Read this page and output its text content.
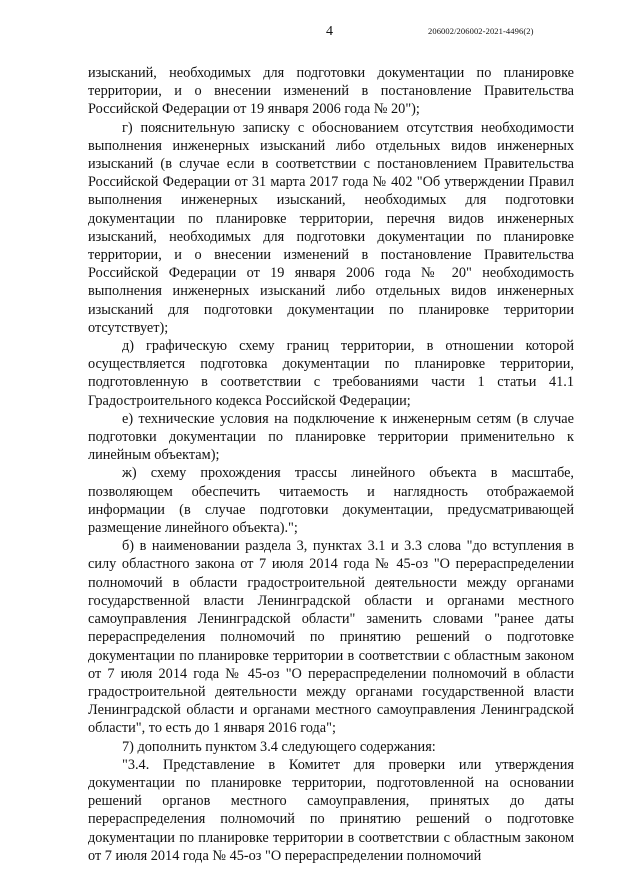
4	206002/206002-2021-4496(2)

изысканий, необходимых для подготовки документации по планировке территории, и о внесении изменений в постановление Правительства Российской Федерации от 19 января 2006 года № 20");

г) пояснительную записку с обоснованием отсутствия необходимости выполнения инженерных изысканий либо отдельных видов инженерных изысканий (в случае если в соответствии с постановлением Правительства Российской Федерации от 31 марта 2017 года № 402 "Об утверждении Правил выполнения инженерных изысканий, необходимых для подготовки документации по планировке территории, перечня видов инженерных изысканий, необходимых для подготовки документации по планировке территории, и о внесении изменений в постановление Правительства Российской Федерации от 19 января 2006 года № 20" необходимость выполнения инженерных изысканий либо отдельных видов инженерных изысканий для подготовки документации по планировке территории отсутствует);

д) графическую схему границ территории, в отношении которой осуществляется подготовка документации по планировке территории, подготовленную в соответствии с требованиями части 1 статьи 41.1 Градостроительного кодекса Российской Федерации;

е) технические условия на подключение к инженерным сетям (в случае подготовки документации по планировке территории применительно к линейным объектам);

ж) схему прохождения трассы линейного объекта в масштабе, позволяющем обеспечить читаемость и наглядность отображаемой информации (в случае подготовки документации, предусматривающей размещение линейного объекта).";

б) в наименовании раздела 3, пунктах 3.1 и 3.3 слова "до вступления в силу областного закона от 7 июля 2014 года № 45-оз "О перераспределении полномочий в области градостроительной деятельности между органами государственной власти Ленинградской области и органами местного самоуправления Ленинградской области" заменить словами "ранее даты перераспределения полномочий по принятию решений о подготовке документации по планировке территории в соответствии с областным законом от 7 июля 2014 года № 45-оз "О перераспределении полномочий в области градостроительной деятельности между органами государственной власти Ленинградской области и органами местного самоуправления Ленинградской области", то есть до 1 января 2016 года";

7) дополнить пунктом 3.4 следующего содержания:

"3.4. Представление в Комитет для проверки или утверждения документации по планировке территории, подготовленной на основании решений органов местного самоуправления, принятых до даты перераспределения полномочий по принятию решений о подготовке документации по планировке территории в соответствии с областным законом от 7 июля 2014 года № 45-оз "О перераспределении полномочий
